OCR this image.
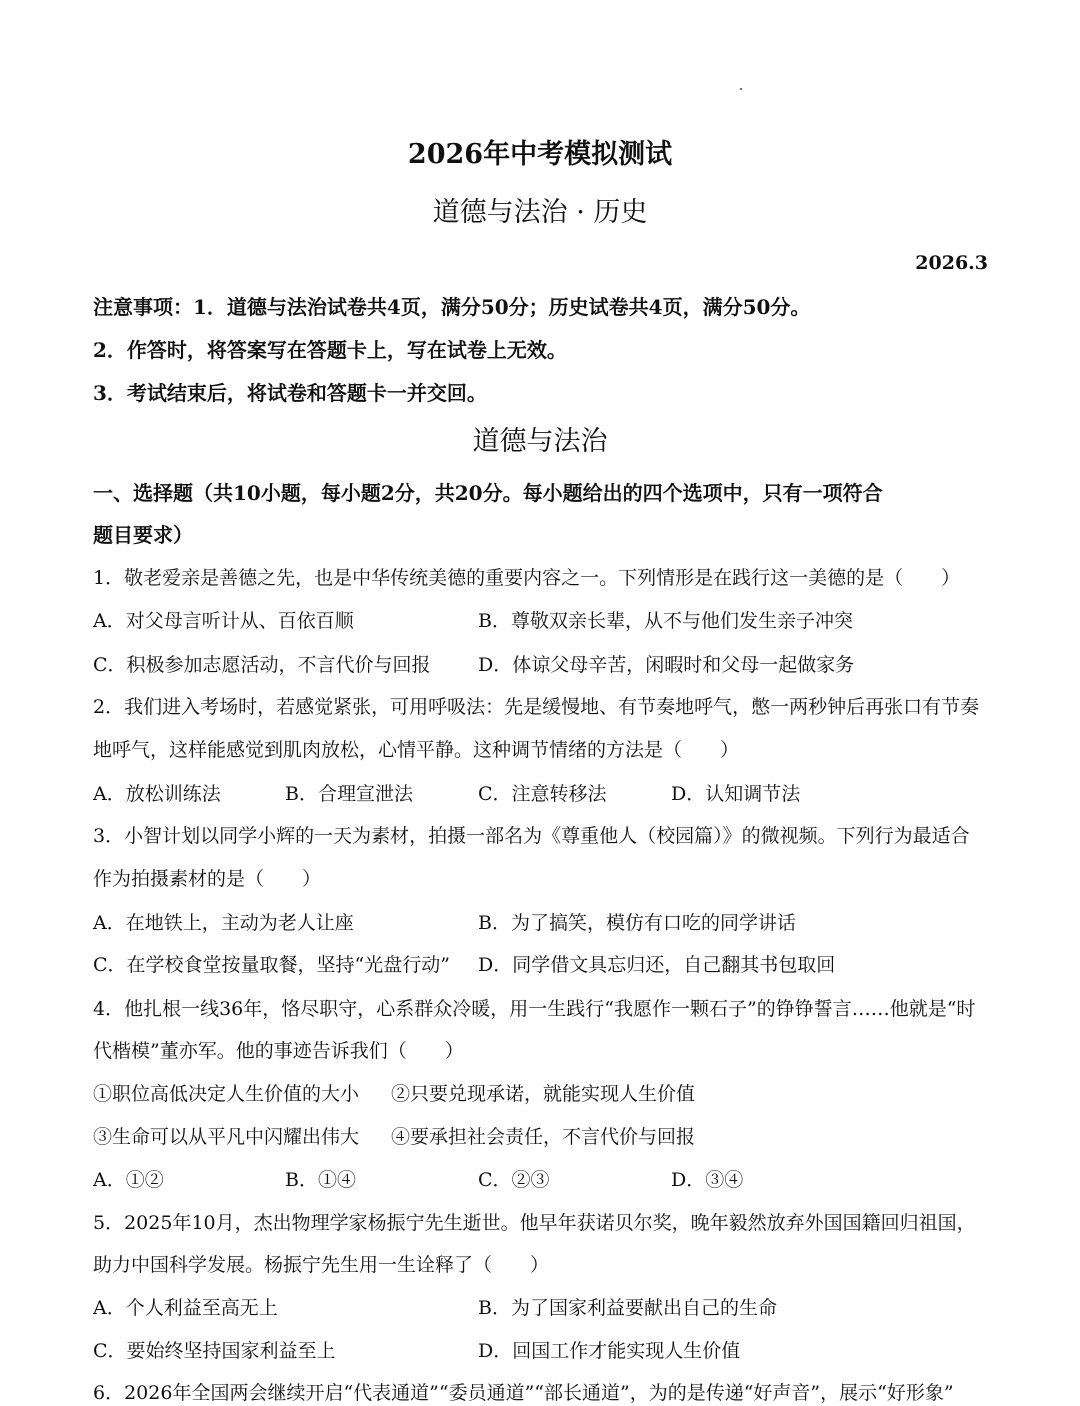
2026年中考模拟测试
道德与法治 · 历史
2026.3
注意事项：1．道德与法治试卷共4页，满分50分；历史试卷共4页，满分50分。
2．作答时，将答案写在答题卡上，写在试卷上无效。
3．考试结束后，将试卷和答题卡一并交回。
道德与法治
一、选择题（共10小题，每小题2分，共20分。每小题给出的四个选项中，只有一项符合
题目要求）
1．敬老爱亲是善德之先，也是中华传统美德的重要内容之一。下列情形是在践行这一美德的是（　　）
A．对父母言听计从、百依百顺	B．尊敬双亲长辈，从不与他们发生亲子冲突
C．积极参加志愿活动，不言代价与回报 D．体谅父母辛苦，闲暇时和父母一起做家务
2．我们进入考场时，若感觉紧张，可用呼吸法：先是缓慢地、有节奏地呼气，憋一两秒钟后再张口有节奏
地呼气，这样能感觉到肌肉放松，心情平静。这种调节情绪的方法是（　　）
A．放松训练法	B．合理宣泄法	C．注意转移法	D．认知调节法
3．小智计划以同学小辉的一天为素材，拍摄一部名为《尊重他人（校园篇）》的微视频。下列行为最适合
作为拍摄素材的是（　　）
A．在地铁上，主动为老人让座	B．为了搞笑，模仿有口吃的同学讲话
C．在学校食堂按量取餐，坚持“光盘行动” D．同学借文具忘归还，自己翻其书包取回
4．他扎根一线36年，恪尽职守，心系群众冷暖，用一生践行“我愿作一颗石子”的铮铮誓言……他就是“时
代楷模”董亦军。他的事迹告诉我们（　　）
①职位高低决定人生价值的大小 ②只要兑现承诺，就能实现人生价值
③生命可以从平凡中闪耀出伟大 ④要承担社会责任，不言代价与回报
A．①②	B．①④	C．②③	D．③④
5．2025年10月，杰出物理学家杨振宁先生逝世。他早年获诺贝尔奖，晚年毅然放弃外国国籍回归祖国，
助力中国科学发展。杨振宁先生用一生诠释了（　　）
A．个人利益至高无上	B．为了国家利益要献出自己的生命
C．要始终坚持国家利益至上	D．回国工作才能实现人生价值
6．2026年全国两会继续开启“代表通道”“委员通道”“部长通道”，为的是传递“好声音”，展示“好形象”
